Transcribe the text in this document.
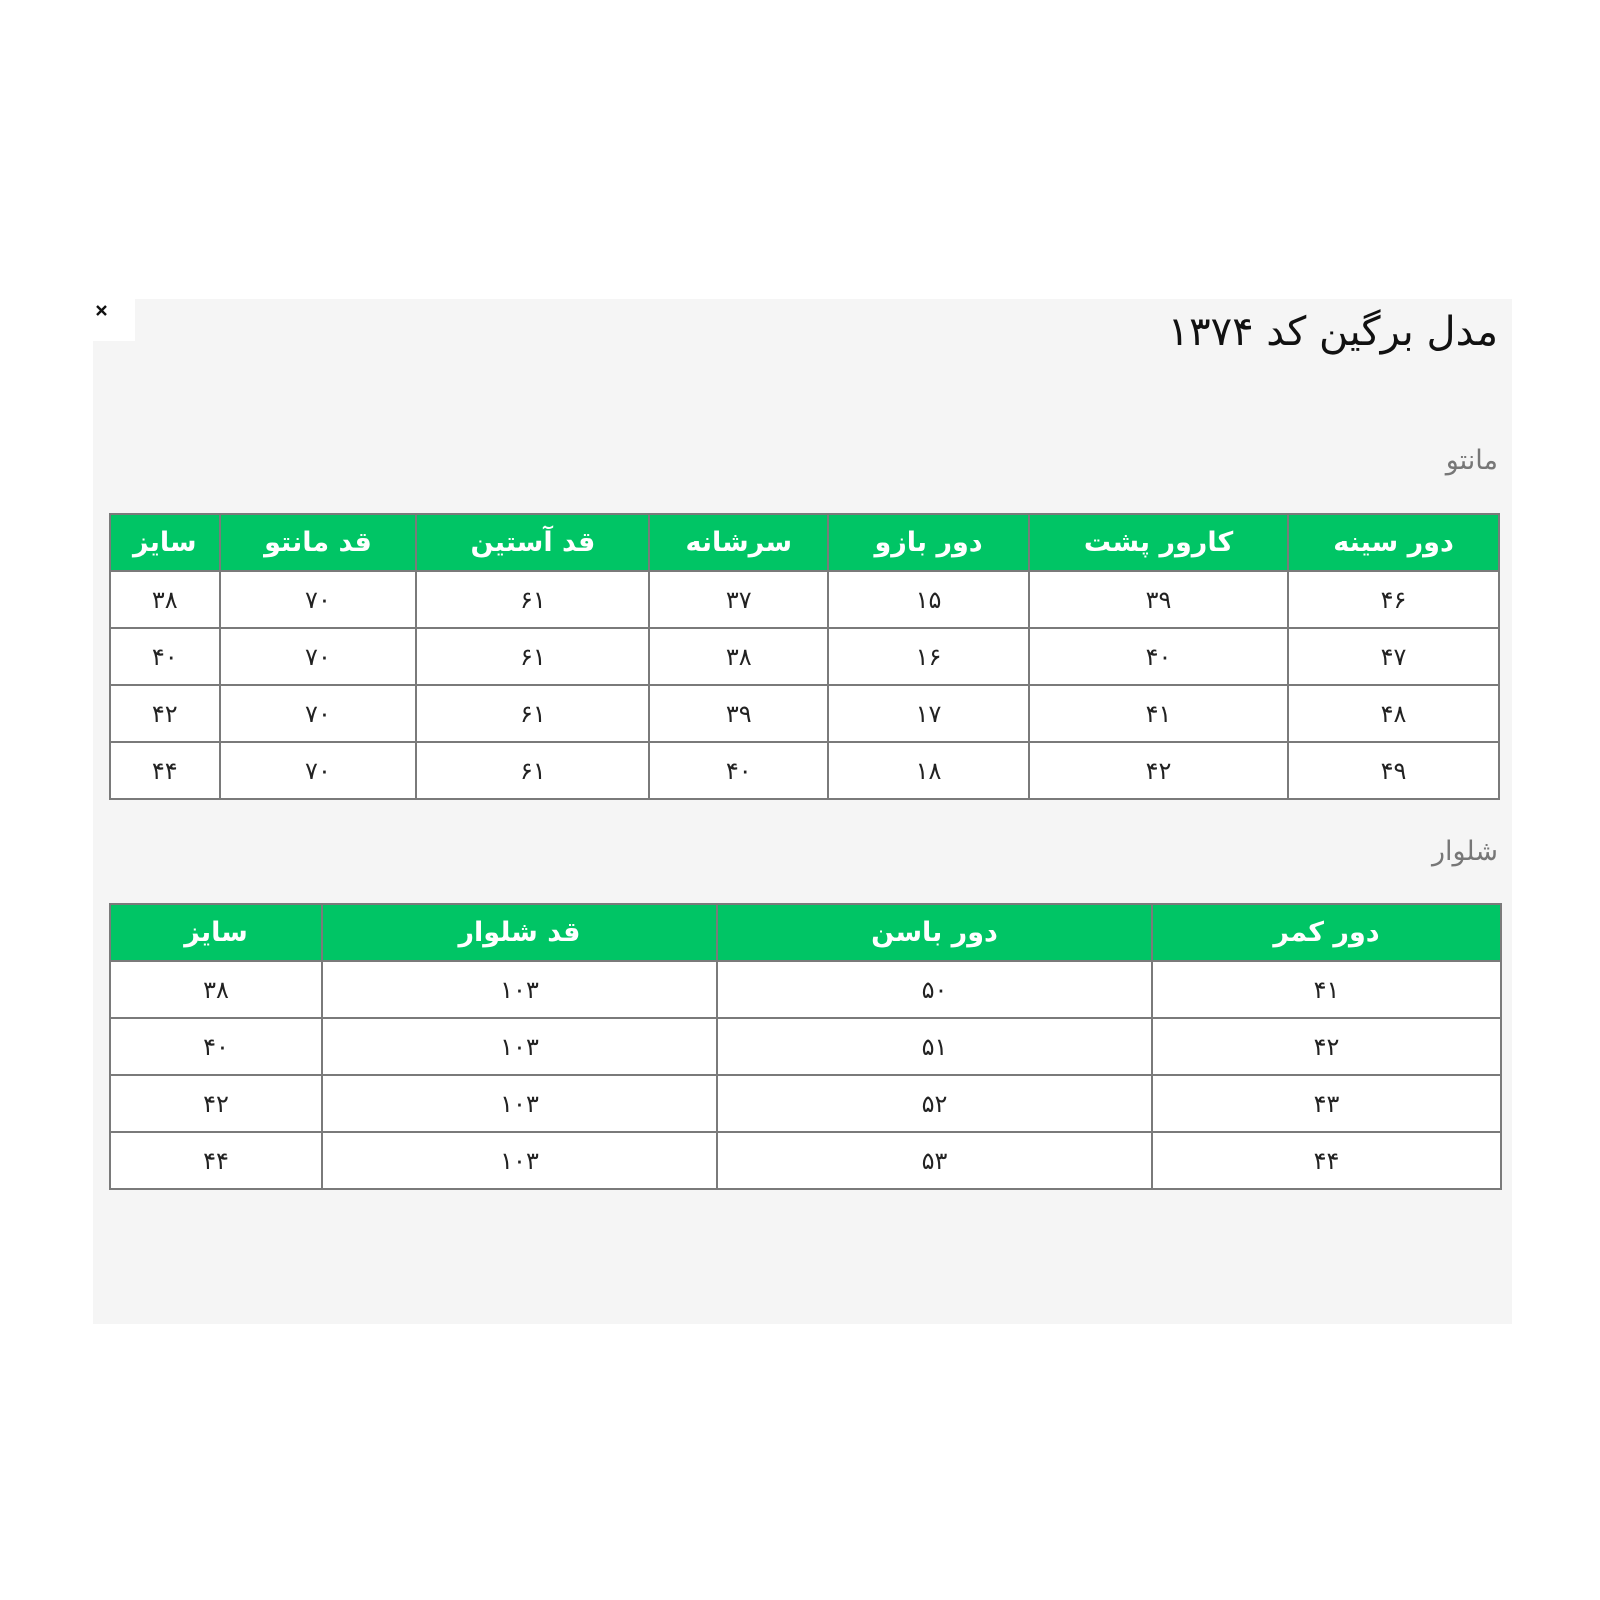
مدل برگین کد ۱۳۷۴
مانتو
دور سینه	کارور پشت	دور بازو	سرشانه	قد آستین	قد مانتو	سایز
۴۶	۳۹	۱۵	۳۷	۶۱	۷۰	۳۸
۴۷	۴۰	۱۶	۳۸	۶۱	۷۰	۴۰
۴۸	۴۱	۱۷	۳۹	۶۱	۷۰	۴۲
۴۹	۴۲	۱۸	۴۰	۶۱	۷۰	۴۴
شلوار
دور کمر	دور باسن	قد شلوار	سایز
۴۱	۵۰	۱۰۳	۳۸
۴۲	۵۱	۱۰۳	۴۰
۴۳	۵۲	۱۰۳	۴۲
۴۴	۵۳	۱۰۳	۴۴
